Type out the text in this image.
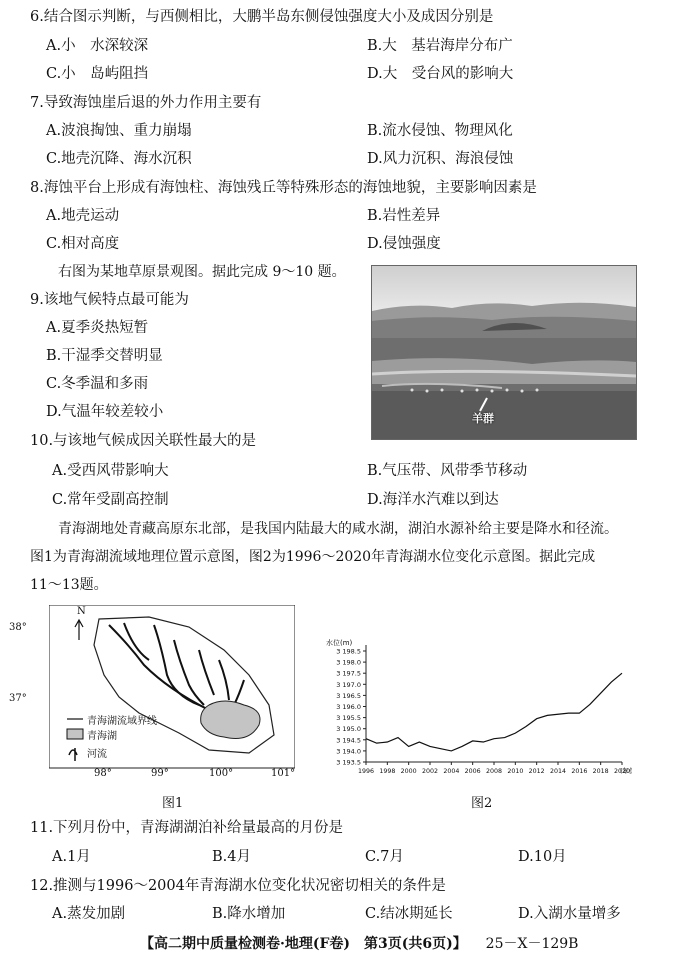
6.结合图示判断，与西侧相比，大鹏半岛东侧侵蚀强度大小及成因分别是
A.小　水深较深	B.大　基岩海岸分布广
C.小　岛屿阻挡	D.大　受台风的影响大
7.导致海蚀崖后退的外力作用主要有
A.波浪掏蚀、重力崩塌	B.流水侵蚀、物理风化
C.地壳沉降、海水沉积	D.风力沉积、海浪侵蚀
8.海蚀平台上形成有海蚀柱、海蚀残丘等特殊形态的海蚀地貌，主要影响因素是
A.地壳运动	B.岩性差异
C.相对高度	D.侵蚀强度
右图为某地草原景观图。据此完成 9～10 题。
羊群
9.该地气候特点最可能为
A.夏季炎热短暂
B.干湿季交替明显
C.冬季温和多雨
D.气温年较差较小
10.与该地气候成因关联性最大的是
A.受西风带影响大	B.气压带、风带季节移动
C.常年受副高控制	D.海洋水汽难以到达
青海湖地处青藏高原东北部，是我国内陆最大的咸水湖，湖泊水源补给主要是降水和径流。
图1为青海湖流域地理位置示意图，图2为1996～2020年青海湖水位变化示意图。据此完成
11～13题。
N
38°
37°
98°	99°	100°	101°
青海湖流域界线
青海湖
河流
图1
水位(m)
3 193.5
3 194.0
3 194.5
3 195.0
3 195.5
3 196.0
3 196.5
3 197.0
3 197.5
3 198.0
3 198.5
1996 1998 2000 2002 2004 2006 2008 2010 2012 2014 2016 2018 2020
(年份
图2
11.下列月份中，青海湖湖泊补给量最高的月份是
A.1月	B.4月	C.7月	D.10月
12.推测与1996～2004年青海湖水位变化状况密切相关的条件是
A.蒸发加剧	B.降水增加	C.结冰期延长	D.入湖水量增多
【高二期中质量检测卷·地理(F卷)　第3页(共6页)】 25－X－129B
